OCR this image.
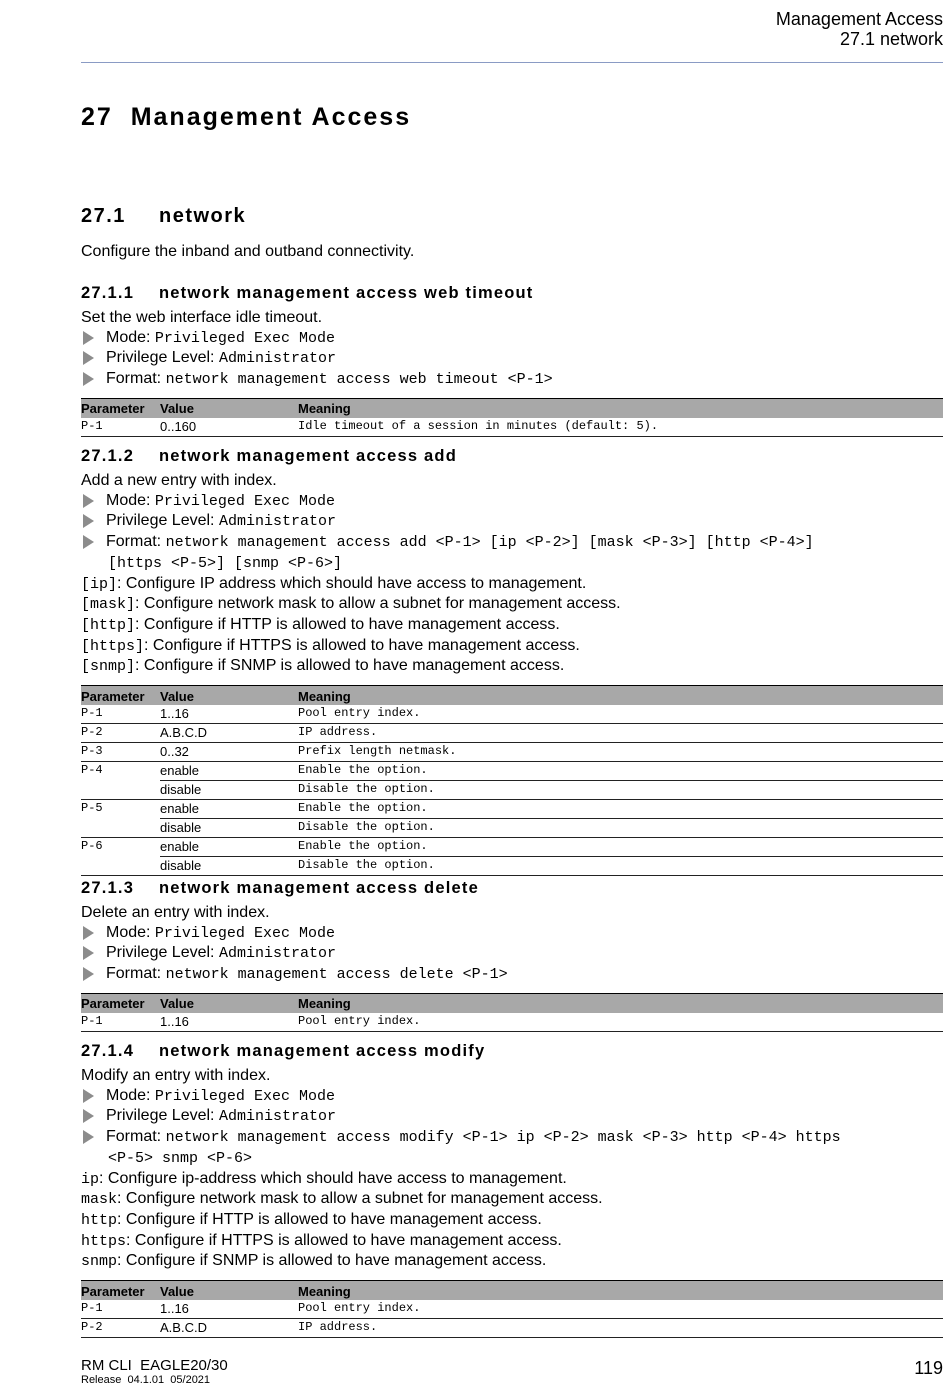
Management Access
27.1 network
27  Management Access
27.1 network
Configure the inband and outband connectivity.
27.1.1 network management access web timeout
Set the web interface idle timeout.
Mode: Privileged Exec Mode
Privilege Level: Administrator
Format: network management access web timeout <P-1>
Parameter	Value	Meaning
P-1	0..160	Idle timeout of a session in minutes (default: 5).
27.1.2 network management access add
Add a new entry with index.
Mode: Privileged Exec Mode
Privilege Level: Administrator
Format: network management access add <P-1> [ip <P-2>] [mask <P-3>] [http <P-4>]
[https <P-5>] [snmp <P-6>]
[ip]: Configure IP address which should have access to management.
[mask]: Configure network mask to allow a subnet for management access.
[http]: Configure if HTTP is allowed to have management access.
[https]: Configure if HTTPS is allowed to have management access.
[snmp]: Configure if SNMP is allowed to have management access.
Parameter	Value	Meaning
P-1	1..16	Pool entry index.
P-2	A.B.C.D	IP address.
P-3	0..32	Prefix length netmask.
P-4	enable	Enable the option.
	disable	Disable the option.
P-5	enable	Enable the option.
	disable	Disable the option.
P-6	enable	Enable the option.
	disable	Disable the option.
27.1.3 network management access delete
Delete an entry with index.
Mode: Privileged Exec Mode
Privilege Level: Administrator
Format: network management access delete <P-1>
Parameter	Value	Meaning
P-1	1..16	Pool entry index.
27.1.4 network management access modify
Modify an entry with index.
Mode: Privileged Exec Mode
Privilege Level: Administrator
Format: network management access modify <P-1> ip <P-2> mask <P-3> http <P-4> https
<P-5> snmp <P-6>
ip: Configure ip-address which should have access to management.
mask: Configure network mask to allow a subnet for management access.
http: Configure if HTTP is allowed to have management access.
https: Configure if HTTPS is allowed to have management access.
snmp: Configure if SNMP is allowed to have management access.
Parameter	Value	Meaning
P-1	1..16	Pool entry index.
P-2	A.B.C.D	IP address.
RM CLI  EAGLE20/30
Release  04.1.01  05/2021
119
